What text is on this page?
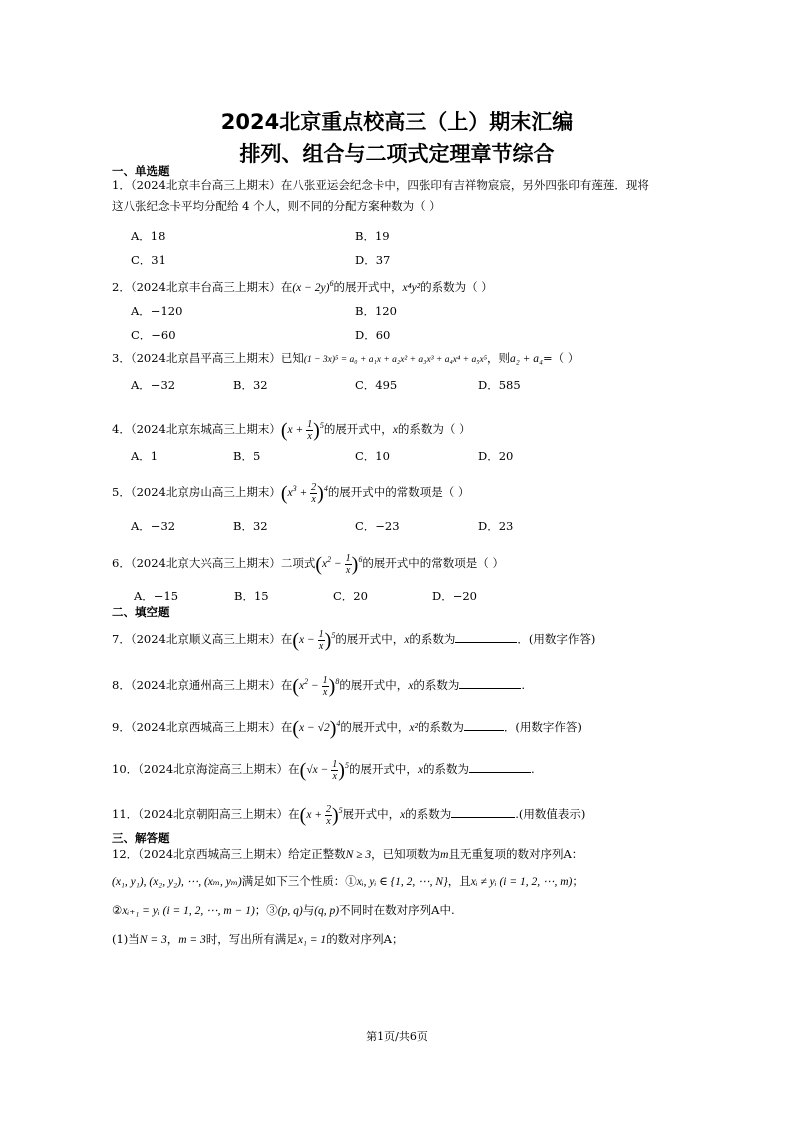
2024北京重点校高三（上）期末汇编
排列、组合与二项式定理章节综合
一、单选题
1．（2024北京丰台高三上期末）在八张亚运会纪念卡中，四张印有吉祥物宸宸，另外四张印有莲莲．现将
这八张纪念卡平均分配给 4 个人，则不同的分配方案种数为（ ）
A．18	B．19
C．31	D．37
2．（2024北京丰台高三上期末）在$(x - 2y)^6$的展开式中，x⁴y²的系数为（ ）
A．−120	B．120
C．−60	D．60
3．（2024北京昌平高三上期末）已知(1 − 3x)⁵ = a₀ + a₁x + a₂x² + a₃x³ + a₄x⁴ + a₅x⁵，则a₂ + a₄=（ ）
A．−32	B．32	C．495	D．585
4．（2024北京东城高三上期末）$(x + \frac{1}{x} )^5$的展开式中，x的系数为（ ）
A．1	B．5	C．10	D．20
5．（2024北京房山高三上期末）$(x^3 + \frac{2}{x} )^4$的展开式中的常数项是（ ）
A．−32	B．32	C．−23	D．23
6．（2024北京大兴高三上期末）二项式$(x^2 - \frac{1}{x} )^6$的展开式中的常数项是（ ）
A．−15	B．15	C．20	D．−20
二、填空题
7．（2024北京顺义高三上期末）在$(x - \frac{1}{x} )^5$的展开式中，x的系数为	．(用数字作答)
8．（2024北京通州高三上期末）在$(x^2 - \frac{1}{x} )^8$的展开式中，x的系数为	.
9．（2024北京西城高三上期末）在$(x - √2)^4$的展开式中，x²的系数为	．(用数字作答)
10．（2024北京海淀高三上期末）在$(√x - \frac{1}{x} )^5$的展开式中，x的系数为	.
11．（2024北京朝阳高三上期末）在$(x + \frac{2}{x} )^5$展开式中，x的系数为	.(用数值表示)
三、解答题
12．（2024北京西城高三上期末）给定正整数N ≥ 3，已知项数为m且无重复项的数对序列A：
(x₁, y₁), (x₂, y₂), ⋯, (xₘ, yₘ)满足如下三个性质：①xᵢ, yᵢ ∈ {1, 2, ⋯, N}，且xᵢ ≠ yᵢ (i = 1, 2, ⋯, m)；
②xᵢ₊₁ = yᵢ (i = 1, 2, ⋯, m − 1)；③(p, q)与(q, p)不同时在数对序列A中.
(1)当N = 3，m = 3时，写出所有满足x₁ = 1的数对序列A；
第1页/共6页
